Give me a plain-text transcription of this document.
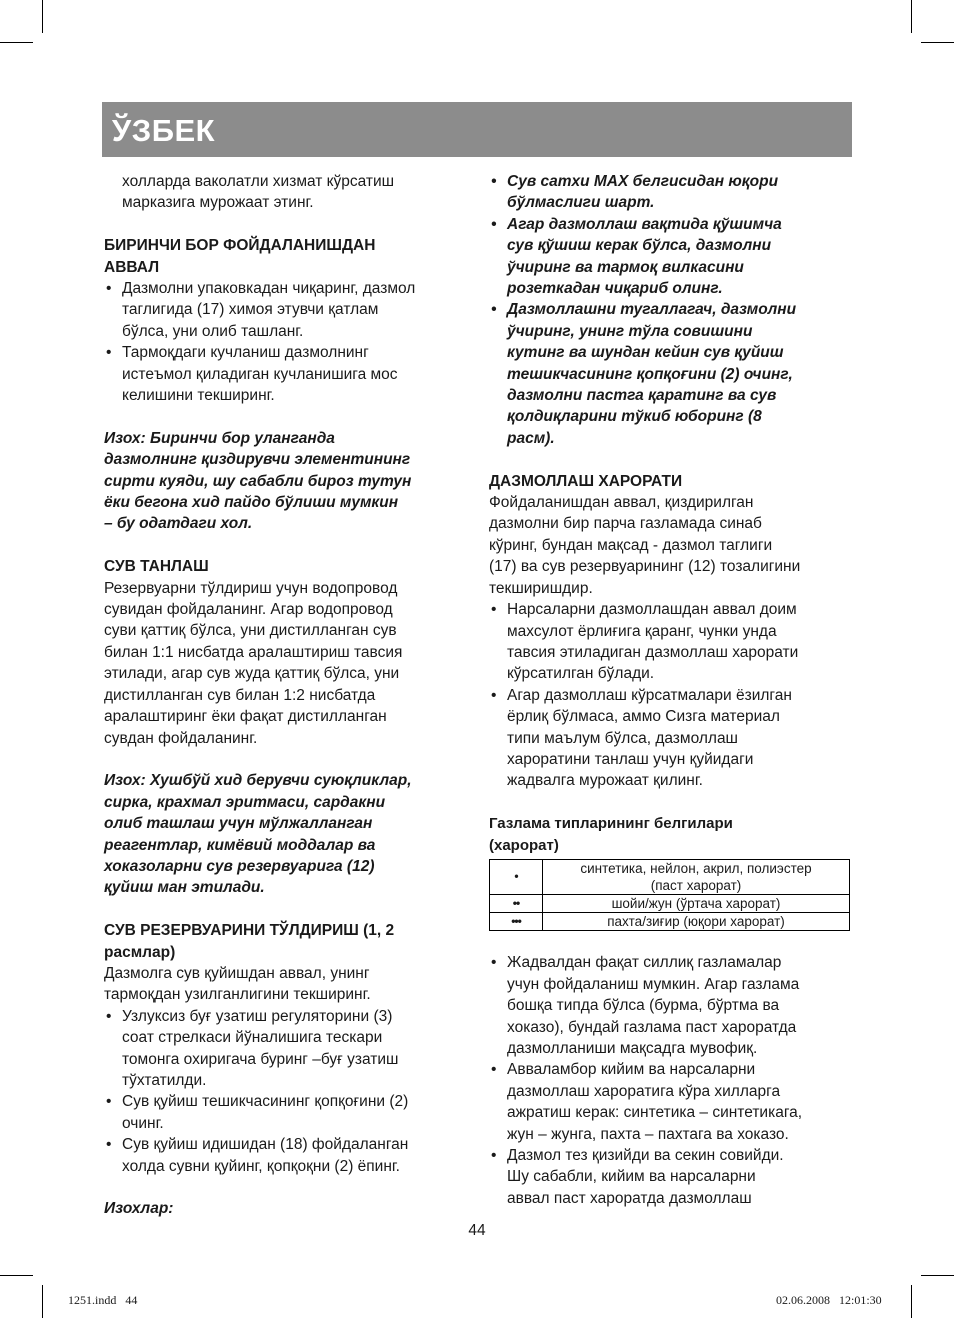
ЎЗБЕК

холларда ваколатли хизмат кўрсатиш
марказига мурожаат этинг.

БИРИНЧИ БОР ФОЙДАЛАНИШДАН
АВВАЛ

• Дазмолни упаковкадан чиқаринг, дазмол
таглигида (17) химоя этувчи қатлам
бўлса, уни олиб ташланг.
• Тармоқдаги кучланиш дазмолнинг
истеъмол қиладиган кучланишига мос
келишини текширинг.

Изох: Биринчи бор уланганда
дазмолнинг қиздирувчи элементининг
сирти куяди, шу сабабли бироз тутун
ёки бегона хид пайдо бўлиши мумкин
– бу одатдаги хол.

СУВ ТАНЛАШ

Резервуарни тўлдириш учун водопровод
сувидан фойдаланинг. Агар водопровод
суви қаттиқ бўлса, уни дистилланган сув
билан 1:1 нисбатда аралаштириш тавсия
этилади, агар сув жуда қаттиқ бўлса, уни
дистилланган сув билан 1:2 нисбатда
аралаштиринг ёки фақат дистилланган
сувдан фойдаланинг.

Изох: Хушбўй хид берувчи суюқликлар,
сирка, крахмал эритмаси, сардакни
олиб ташлаш учун мўлжалланган
реагентлар, кимёвий моддалар ва
хоказоларни сув резервуарига (12)
қуйиш ман этилади.

СУВ РЕЗЕРВУАРИНИ ТЎЛДИРИШ (1, 2
расмлар)

Дазмолга сув қуйишдан аввал, унинг
тармоқдан узилганлигини текширинг.

• Узлуксиз буғ узатиш регуляторини (3)
соат стрелкаси йўналишига тескари
томонга охиригача буринг –буғ узатиш
тўхтатилди.
• Сув қуйиш тешикчасининг қопқоғини (2)
очинг.
• Сув қуйиш идишидан (18) фойдаланган
холда сувни қуйинг, қопқоқни (2) ёпинг.

Изохлар:

• Сув сатхи MAX белгисидан юқори
бўлмаслиги шарт.
• Агар дазмоллаш вақтида қўшимча
сув қўшиш керак бўлса, дазмолни
ўчиринг ва тармоқ вилкасини
розеткадан чиқариб олинг.
• Дазмоллашни тугаллагач, дазмолни
ўчиринг, унинг тўла совишини
кутинг ва шундан кейин сув қуйиш
тешикчасининг қопқоғини (2) очинг,
дазмолни пастга қаратинг ва сув
қолдиқларини тўкиб юборинг (8
расм).

ДАЗМОЛЛАШ ХАРОРАТИ

Фойдаланишдан аввал, қиздирилган
дазмолни бир парча газламада синаб
кўринг, бундан мақсад - дазмол таглиги
(17) ва сув резервуарининг (12) тозалигини
текширишдир.

• Нарсаларни дазмоллашдан аввал доим
махсулот ёрлиғига қаранг, чунки унда
тавсия этиладиган дазмоллаш харорати
кўрсатилган бўлади.
• Агар дазмоллаш кўрсатмалари ёзилган
ёрлиқ бўлмаса, аммо Сизга материал
типи маълум бўлса, дазмоллаш
хароратини танлаш учун қуйидаги
жадвалга мурожаат қилинг.

Газлама типларининг белгилари
(харорат)

•	синтетика, нейлон, акрил, полиэстер
(паст харорат)
••	шойи/жун (ўртача харорат)
•••	пахта/зиғир (юқори харорат)
• Жадвалдан фақат силлиқ газламалар
учун фойдаланиш мумкин. Агар газлама
бошқа типда бўлса (бурма, бўртма ва
хоказо), бундай газлама паст хароратда
дазмолланиши мақсадга мувофиқ.
• Авваламбор кийим ва нарсаларни
дазмоллаш хароратига кўра хилларга
ажратиш керак: синтетика – синтетикага,
жун – жунга, пахта – пахтага ва хоказо.
• Дазмол тез қизийди ва секин совийди.
Шу сабабли, кийим ва нарсаларни
аввал паст хароратда дазмоллаш
44
1251.indd   44	02.06.2008   12:01:30
